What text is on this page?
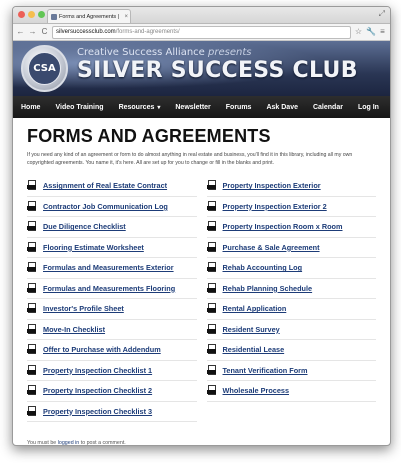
Forms and Agreements | ×	⤢
← → C silversuccessclub.com /forms-and-agreements/	☆ 🔧 ≡
CSA
Creative Success Alliance presents
SILVER SUCCESS CLUB
Home Video Training Resources ▾ Newsletter Forums Ask Dave Calendar Log In
FORMS AND AGREEMENTS

If you need any kind of an agreement or form to do almost anything in real estate and business, you'll find it in this library, including all my own copyrighted agreements. You name it, it's here. All are set up for you to change or fill in the blanks and print.

Assignment of Real Estate Contract
Contractor Job Communication Log
Due Diligence Checklist
Flooring Estimate Worksheet
Formulas and Measurements Exterior
Formulas and Measurements Flooring
Investor's Profile Sheet
Move-In Checklist
Offer to Purchase with Addendum
Property Inspection Checklist 1
Property Inspection Checklist 2
Property Inspection Checklist 3
Property Inspection Exterior
Property Inspection Exterior 2
Property Inspection Room x Room
Purchase & Sale Agreement
Rehab Accounting Log
Rehab Planning Schedule
Rental Application
Resident Survey
Residential Lease
Tenant Verification Form
Wholesale Process
You must be logged in to post a comment.
